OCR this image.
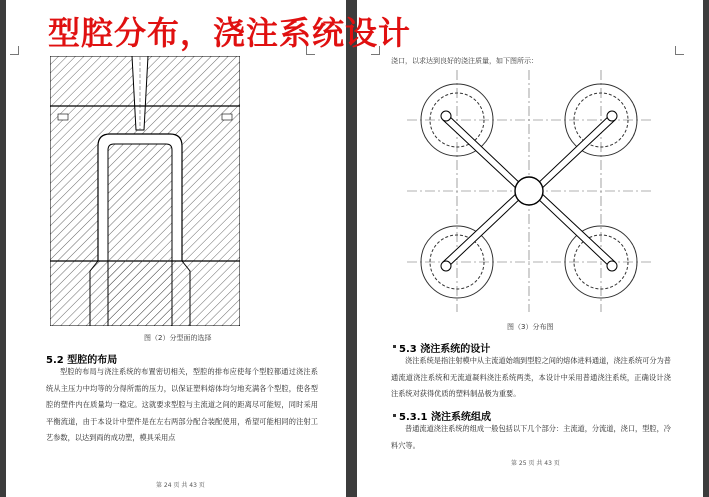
型腔分布，浇注系统设计
图（2）分型面的选择
5.2 型腔的布局

型腔的布局与浇注系统的布置密切相关，型腔的排布应使每个型腔都通过浇注系统从主压力中均等的分得所需的压力，以保证塑料熔体均匀地充满各个型腔，使各型腔的塑件内在质量均一稳定。这就要求型腔与主流道之间的距离尽可能短，同时采用平衡流道，由于本设计中塑件是在左右两部分配合装配使用，希望可能相同的注射工艺参数，以达到両的成功塑，模具采用点

第 24 页 共 43 页
浇口，以求达到良好的浇注质量，如下图所示：
图（3）分布图
5.3 浇注系统的设计

浇注系统是指注射模中从主流道始端到型腔之间的熔体进料通道，浇注系统可分为普通流道浇注系统和无流道凝料浇注系统两类，本设计中采用普通浇注系统，正确设计浇注系统对获得优质的塑料制品极为重要。

5.3.1 浇注系统组成

普通流道浇注系统的组成一般包括以下几个部分：主流道，分流道，浇口，型腔，冷料穴等。

第 25 页 共 43 页
